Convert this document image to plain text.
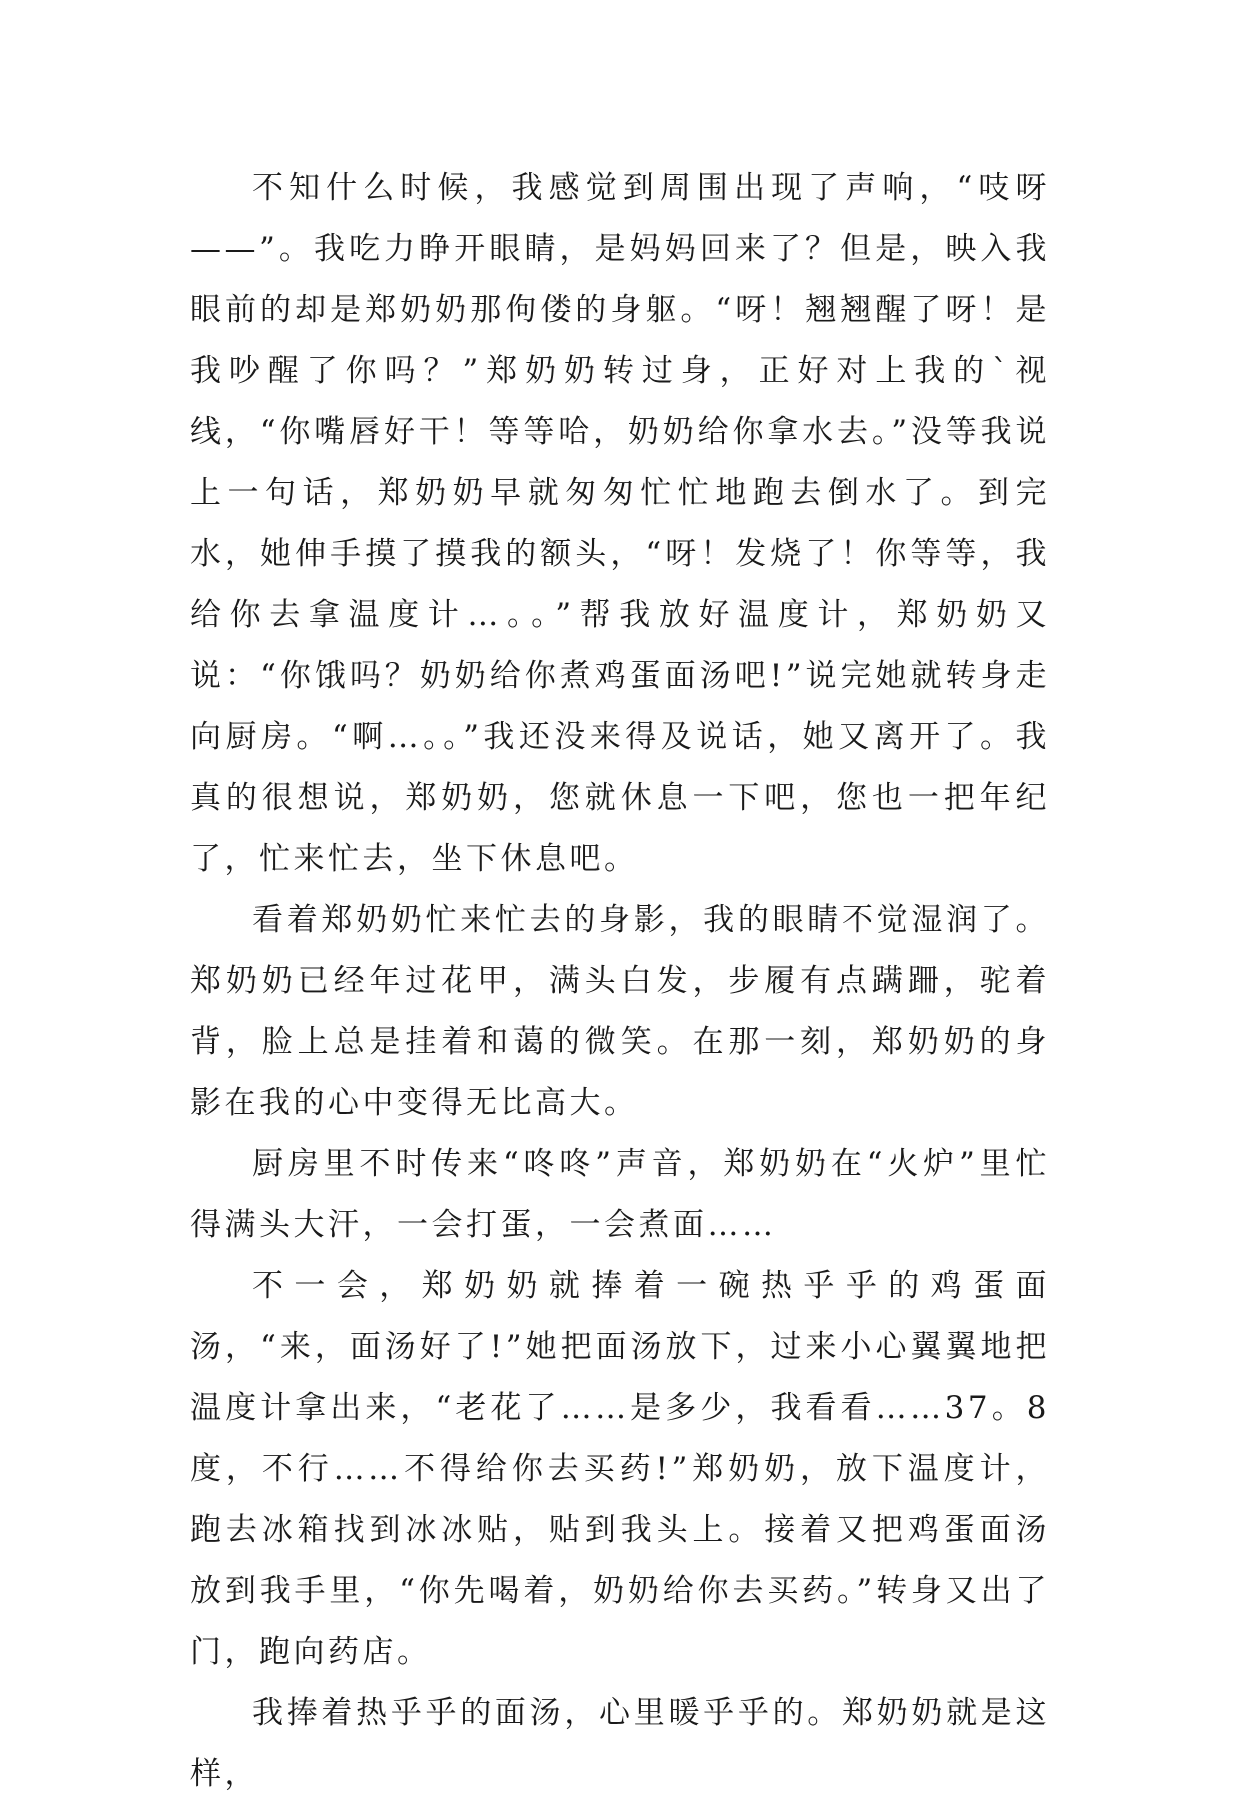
不知什么时候，我感觉到周围出现了声响，“吱呀——”。我吃力睁开眼睛，是妈妈回来了？但是，映入我眼前的却是郑奶奶那佝偻的身躯。“呀！翘翘醒了呀！是我吵醒了你吗？”郑奶奶转过身，正好对上我的`视线，“你嘴唇好干！等等哈，奶奶给你拿水去。”没等我说上一句话，郑奶奶早就匆匆忙忙地跑去倒水了。到完水，她伸手摸了摸我的额头，“呀！发烧了！你等等，我给你去拿温度计…。。”帮我放好温度计，郑奶奶又说：“你饿吗？奶奶给你煮鸡蛋面汤吧!”说完她就转身走向厨房。“啊…。。”我还没来得及说话，她又离开了。我真的很想说，郑奶奶，您就休息一下吧，您也一把年纪了，忙来忙去，坐下休息吧。

看着郑奶奶忙来忙去的身影，我的眼睛不觉湿润了。郑奶奶已经年过花甲，满头白发，步履有点蹒跚，驼着背，脸上总是挂着和蔼的微笑。在那一刻，郑奶奶的身影在我的心中变得无比高大。

厨房里不时传来“咚咚”声音，郑奶奶在“火炉”里忙得满头大汗，一会打蛋，一会煮面……

不一会，郑奶奶就捧着一碗热乎乎的鸡蛋面汤，“来，面汤好了!”她把面汤放下，过来小心翼翼地把温度计拿出来，“老花了……是多少，我看看……37。8度，不行……不得给你去买药!”郑奶奶，放下温度计，跑去冰箱找到冰冰贴，贴到我头上。接着又把鸡蛋面汤放到我手里，“你先喝着，奶奶给你去买药。”转身又出了门，跑向药店。

我捧着热乎乎的面汤，心里暖乎乎的。郑奶奶就是这样，
